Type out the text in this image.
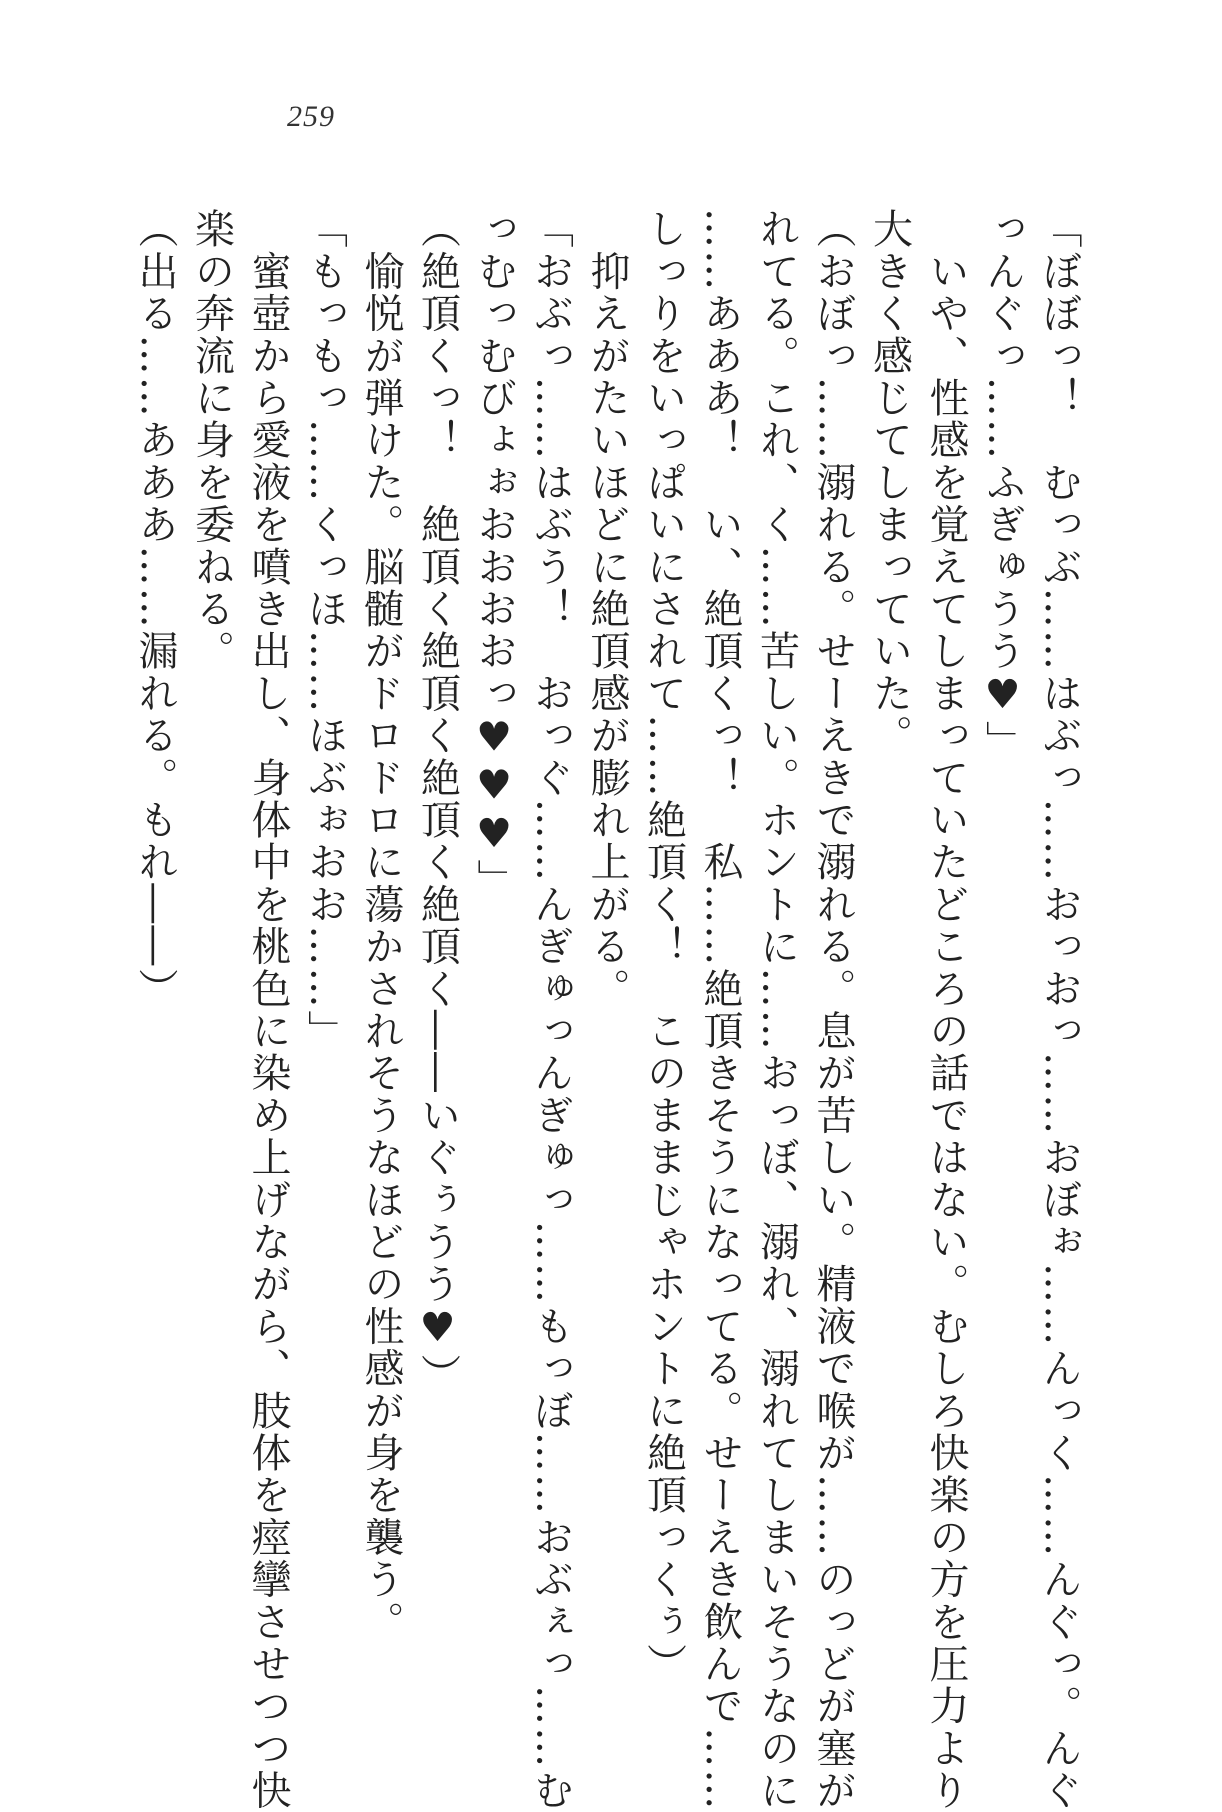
259
「ぼぼっ！　むっぶ……はぶっ……おっおっ……おぼぉ……んっく……んぐっ。んぐ
っんぐっ……ふぎゅうう♥」
　いや、性感を覚えてしまっていたどころの話ではない。むしろ快楽の方を圧力より
大きく感じてしまっていた。
（おぼっ……溺れる。せーえきで溺れる。息が苦しい。精液で喉が……のっどが塞が
れてる。これ、く……苦しい。ホントに……おっぼ、溺れ、溺れてしまいそうなのに
……あああ！　い、絶頂くっ！　私……絶頂きそうになってる。せーえき飲んで……
しっりをいっぱいにされて……絶頂く！　このままじゃホントに絶頂っくぅ）
　抑えがたいほどに絶頂感が膨れ上がる。
「おぶっ……はぶう！　おっぐ……んぎゅっんぎゅっ……もっぼ……おぶぇっ……む
っむっむびょぉおおおおっ♥♥♥」
（絶頂くっ！　絶頂く絶頂く絶頂く絶頂く――いぐぅうう♥）
　愉悦が弾けた。脳髄がドロドロに蕩かされそうなほどの性感が身を襲う。
「もっもっ……くっほ……ほぶぉおお……」
　蜜壺から愛液を噴き出し、身体中を桃色に染め上げながら、肢体を痙攣させつつ快
楽の奔流に身を委ねる。
（出る……あああ……漏れる。もれ――）
